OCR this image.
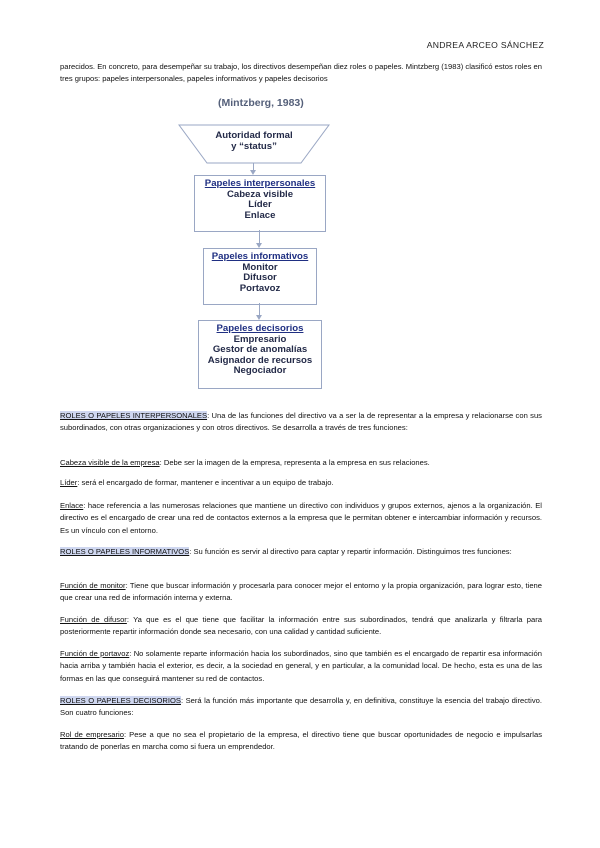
ANDREA ARCEO SÁNCHEZ
parecidos. En concreto, para desempeñar su trabajo, los directivos desempeñan diez roles o papeles. Mintzberg (1983) clasificó estos roles en tres grupos: papeles interpersonales, papeles informativos y papeles decisorios
(Mintzberg, 1983)
Autoridad formal
y “status”
Papeles interpersonales
Cabeza visible
Líder
Enlace
Papeles informativos
Monitor
Difusor
Portavoz
Papeles decisorios
Empresario
Gestor de anomalías
Asignador de recursos
Negociador
ROLES O PAPELES INTERPERSONALES: Una de las funciones del directivo va a ser la de representar a la empresa y relacionarse con sus subordinados, con otras organizaciones y con otros directivos. Se desarrolla a través de tres funciones:
Cabeza visible de la empresa: Debe ser la imagen de la empresa, representa a la empresa en sus relaciones.
Líder: será el encargado de formar, mantener e incentivar a un equipo de trabajo.
Enlace: hace referencia a las numerosas relaciones que mantiene un directivo con individuos y grupos externos, ajenos a la organización. El directivo es el encargado de crear una red de contactos externos a la empresa que le permitan obtener e intercambiar información y recursos. Es un vínculo con el entorno.
ROLES O PAPELES INFORMATIVOS: Su función es servir al directivo para captar y repartir información. Distinguimos tres funciones:
Función de monitor: Tiene que buscar información y procesarla para conocer mejor el entorno y la propia organización, para lograr esto, tiene que crear una red de información interna y externa.
Función de difusor: Ya que es el que tiene que facilitar la información entre sus subordinados, tendrá que analizarla y filtrarla para posteriormente repartir información donde sea necesario, con una calidad y cantidad suficiente.
Función de portavoz: No solamente reparte información hacia los subordinados, sino que también es el encargado de repartir esa información hacia arriba y también hacia el exterior, es decir, a la sociedad en general, y en particular, a la comunidad local. De hecho, esta es una de las formas en las que conseguirá mantener su red de contactos.
ROLES O PAPELES DECISORIOS: Será la función más importante que desarrolla y, en definitiva, constituye la esencia del trabajo directivo. Son cuatro funciones:
Rol de empresario: Pese a que no sea el propietario de la empresa, el directivo tiene que buscar oportunidades de negocio e impulsarlas tratando de ponerlas en marcha como si fuera un emprendedor.
